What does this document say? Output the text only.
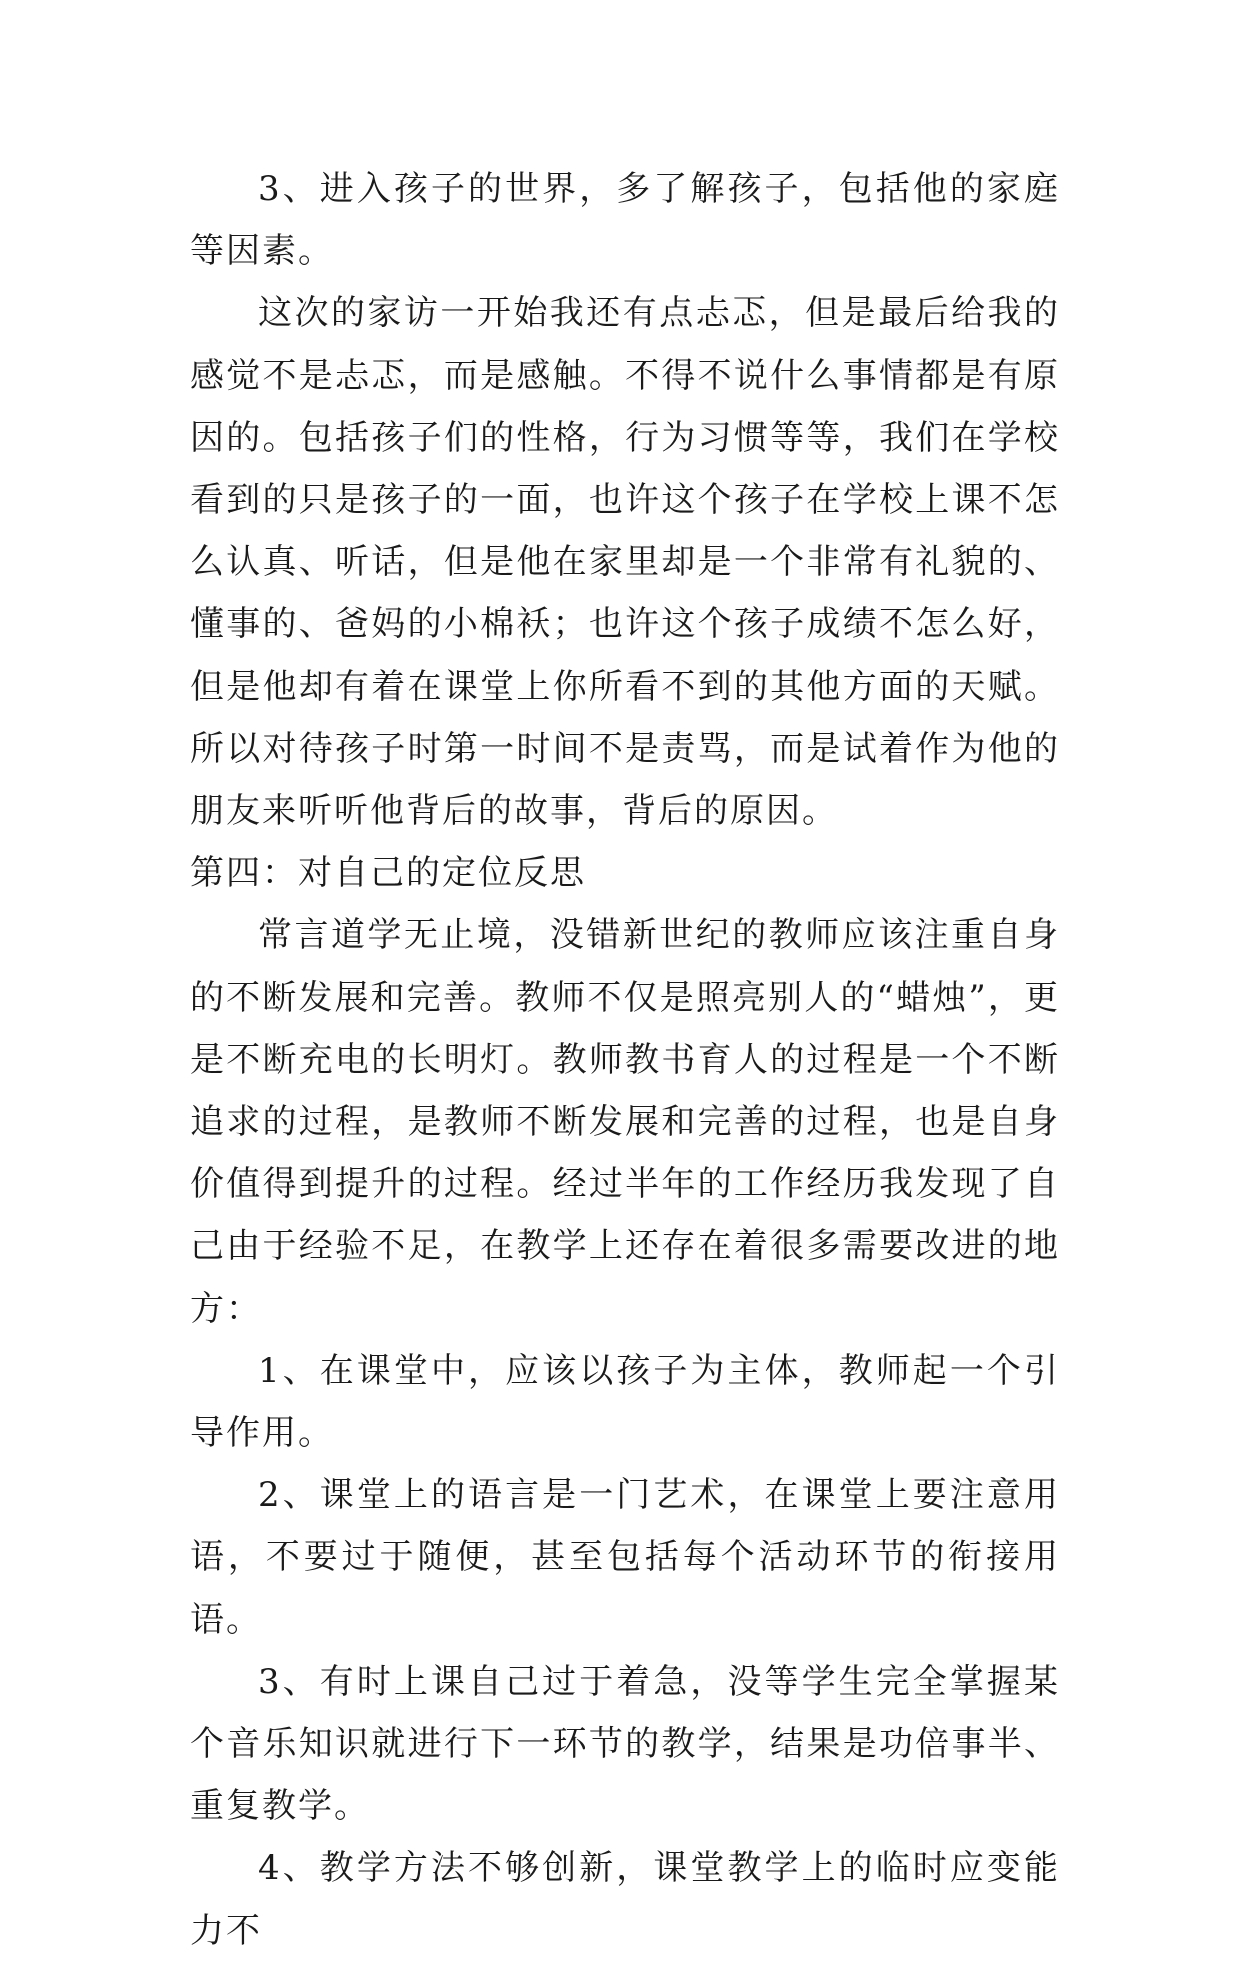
3、进入孩子的世界，多了解孩子，包括他的家庭等因素。

这次的家访一开始我还有点忐忑，但是最后给我的感觉不是忐忑，而是感触。不得不说什么事情都是有原因的。包括孩子们的性格，行为习惯等等，我们在学校看到的只是孩子的一面，也许这个孩子在学校上课不怎么认真、听话，但是他在家里却是一个非常有礼貌的、懂事的、爸妈的小棉袄；也许这个孩子成绩不怎么好，但是他却有着在课堂上你所看不到的其他方面的天赋。所以对待孩子时第一时间不是责骂，而是试着作为他的朋友来听听他背后的故事，背后的原因。

第四：对自己的定位反思

常言道学无止境，没错新世纪的教师应该注重自身的不断发展和完善。教师不仅是照亮别人的“蜡烛”，更是不断充电的长明灯。教师教书育人的过程是一个不断追求的过程，是教师不断发展和完善的过程，也是自身价值得到提升的过程。经过半年的工作经历我发现了自己由于经验不足，在教学上还存在着很多需要改进的地方：

1、在课堂中，应该以孩子为主体，教师起一个引导作用。

2、课堂上的语言是一门艺术，在课堂上要注意用语，不要过于随便，甚至包括每个活动环节的衔接用语。

3、有时上课自己过于着急，没等学生完全掌握某个音乐知识就进行下一环节的教学，结果是功倍事半、重复教学。

4、教学方法不够创新，课堂教学上的临时应变能力不
